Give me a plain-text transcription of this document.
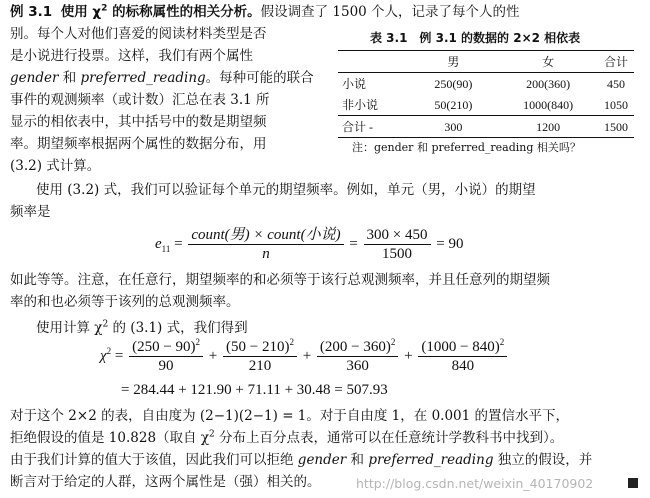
例 3.1 使用 $\chi^2$ 的标称属性的相关分析。假设调查了 1500 个人，记录了每个人的性
别。每个人对他们喜爱的阅读材料类型是否
是小说进行投票。这样，我们有两个属性
gender 和 preferred_reading。每种可能的联合
事件的观测频率（或计数）汇总在表 3.1 所
显示的相依表中，其中括号中的数是期望频
率。期望频率根据两个属性的数据分布，用
(3.2) 式计算。
表 3.1　例 3.1 的数据的 2×2 相依表
	男	女	合计
小说	250(90)	200(360)	450
非小说	50(210)	1000(840)	1050
合计 -	300	1200	1500
注：gender 和 preferred_reading 相关吗？
使用 (3.2) 式，我们可以验证每个单元的期望频率。例如，单元（男，小说）的期望
频率是
$e_{11} = \frac{\text{count(男) × count(小说)}}{n} = \frac{300 \times 450}{1500} = 90$
如此等等。注意，在任意行，期望频率的和必须等于该行总观测频率，并且任意列的期望频
率的和也必须等于该列的总观测频率。
使用计算 $\chi^2$ 的 (3.1) 式，我们得到
$\chi^2 = \frac{(250 - 90)^2}{90} + \frac{(50 - 210)^2}{210} + \frac{(200 - 360)^2}{360} + \frac{(1000 - 840)^2}{840}$
= 284.44 + 121.90 + 71.11 + 30.48 = 507.93
对于这个 2×2 的表，自由度为 (2−1)(2−1) = 1。对于自由度 1，在 0.001 的置信水平下，
拒绝假设的值是 10.828（取自 $\chi^2$ 分布上百分点表，通常可以在任意统计学教科书中找到）。
由于我们计算的值大于该值，因此我们可以拒绝 gender 和 preferred_reading 独立的假设，并
断言对于给定的人群，这两个属性是（强）相关的。	http://blog.csdn.net/weixin_40170902
